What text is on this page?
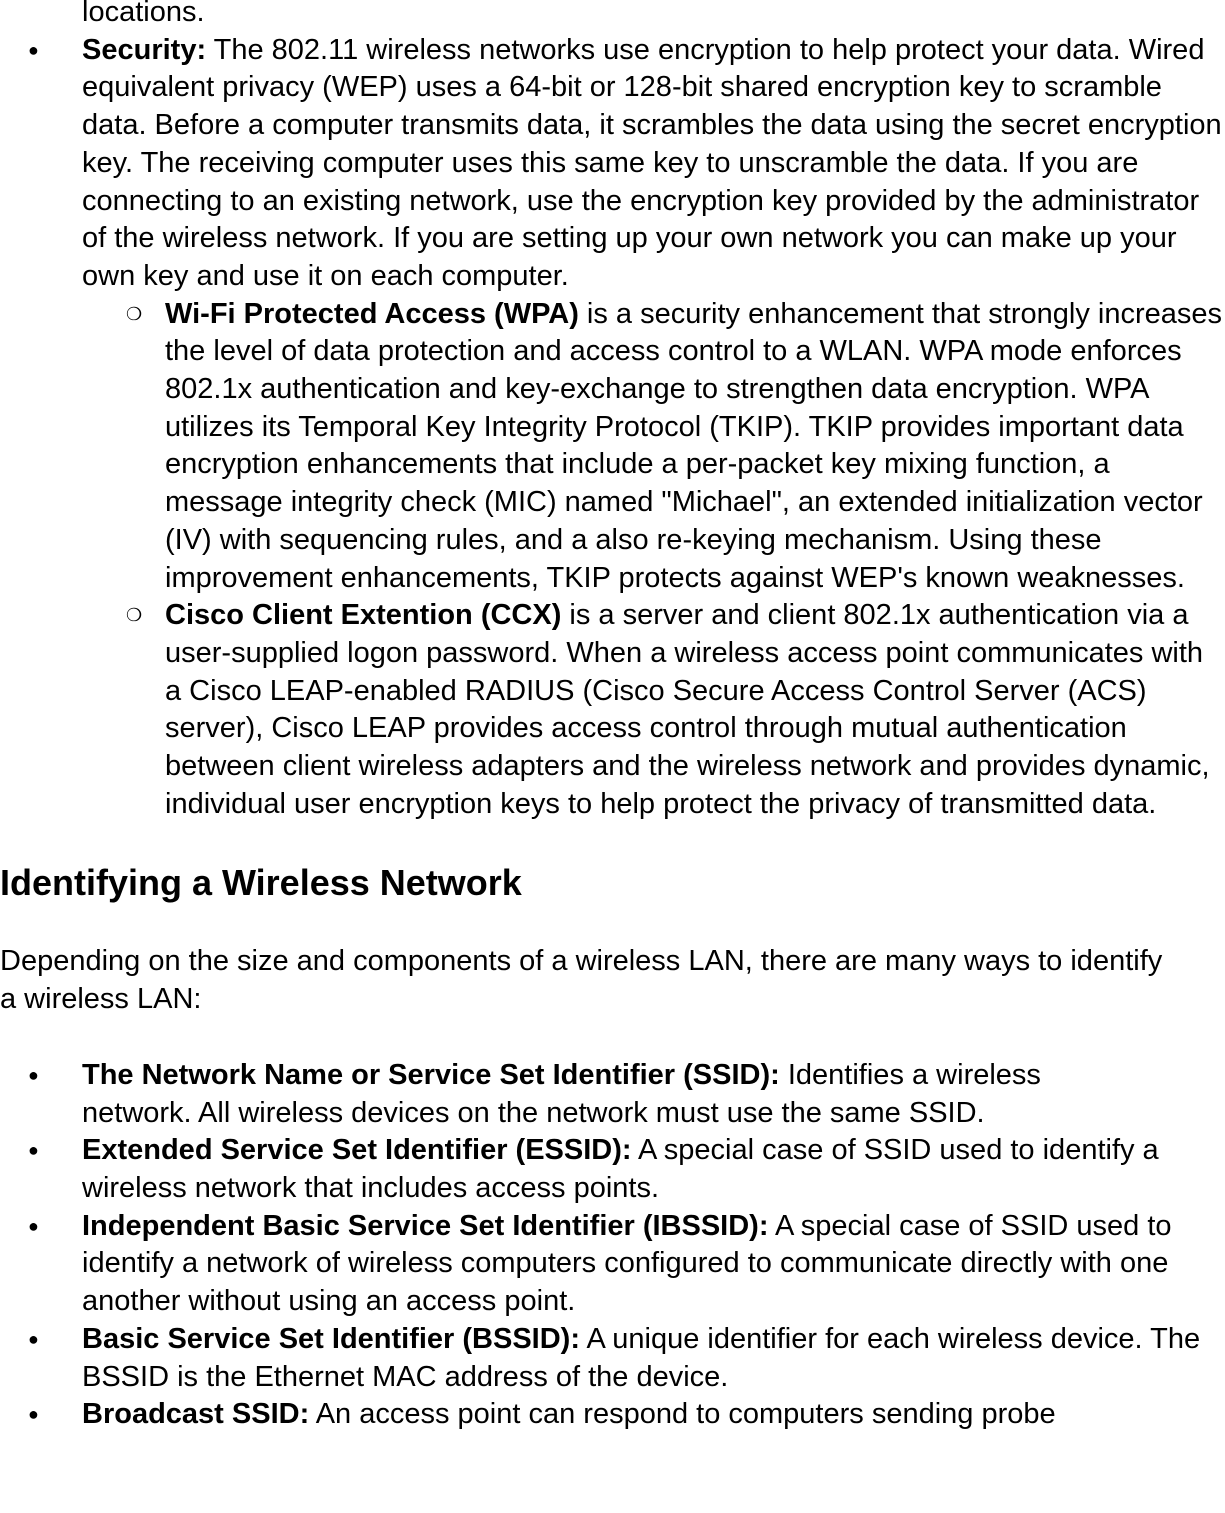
locations.

● Security: The 802.11 wireless networks use encryption to help protect your data. Wired equivalent privacy (WEP) uses a 64-bit or 128-bit shared encryption key to scramble data. Before a computer transmits data, it scrambles the data using the secret encryption key. The receiving computer uses this same key to unscramble the data. If you are connecting to an existing network, use the encryption key provided by the administrator of the wireless network. If you are setting up your own network you can make up your own key and use it on each computer.

❍ Wi-Fi Protected Access (WPA) is a security enhancement that strongly increases the level of data protection and access control to a WLAN. WPA mode enforces 802.1x authentication and key-exchange to strengthen data encryption. WPA utilizes its Temporal Key Integrity Protocol (TKIP). TKIP provides important data encryption enhancements that include a per-packet key mixing function, a message integrity check (MIC) named "Michael", an extended initialization vector (IV) with sequencing rules, and a also re-keying mechanism. Using these improvement enhancements, TKIP protects against WEP's known weaknesses.

❍ Cisco Client Extention (CCX) is a server and client 802.1x authentication via a user-supplied logon password. When a wireless access point communicates with a Cisco LEAP-enabled RADIUS (Cisco Secure Access Control Server (ACS) server), Cisco LEAP provides access control through mutual authentication between client wireless adapters and the wireless network and provides dynamic, individual user encryption keys to help protect the privacy of transmitted data.

Identifying a Wireless Network

Depending on the size and components of a wireless LAN, there are many ways to identify a wireless LAN:

● The Network Name or Service Set Identifier (SSID): Identifies a wireless network. All wireless devices on the network must use the same SSID.

● Extended Service Set Identifier (ESSID): A special case of SSID used to identify a wireless network that includes access points.

● Independent Basic Service Set Identifier (IBSSID): A special case of SSID used to identify a network of wireless computers configured to communicate directly with one another without using an access point.

● Basic Service Set Identifier (BSSID): A unique identifier for each wireless device. The BSSID is the Ethernet MAC address of the device.

● Broadcast SSID: An access point can respond to computers sending probe
